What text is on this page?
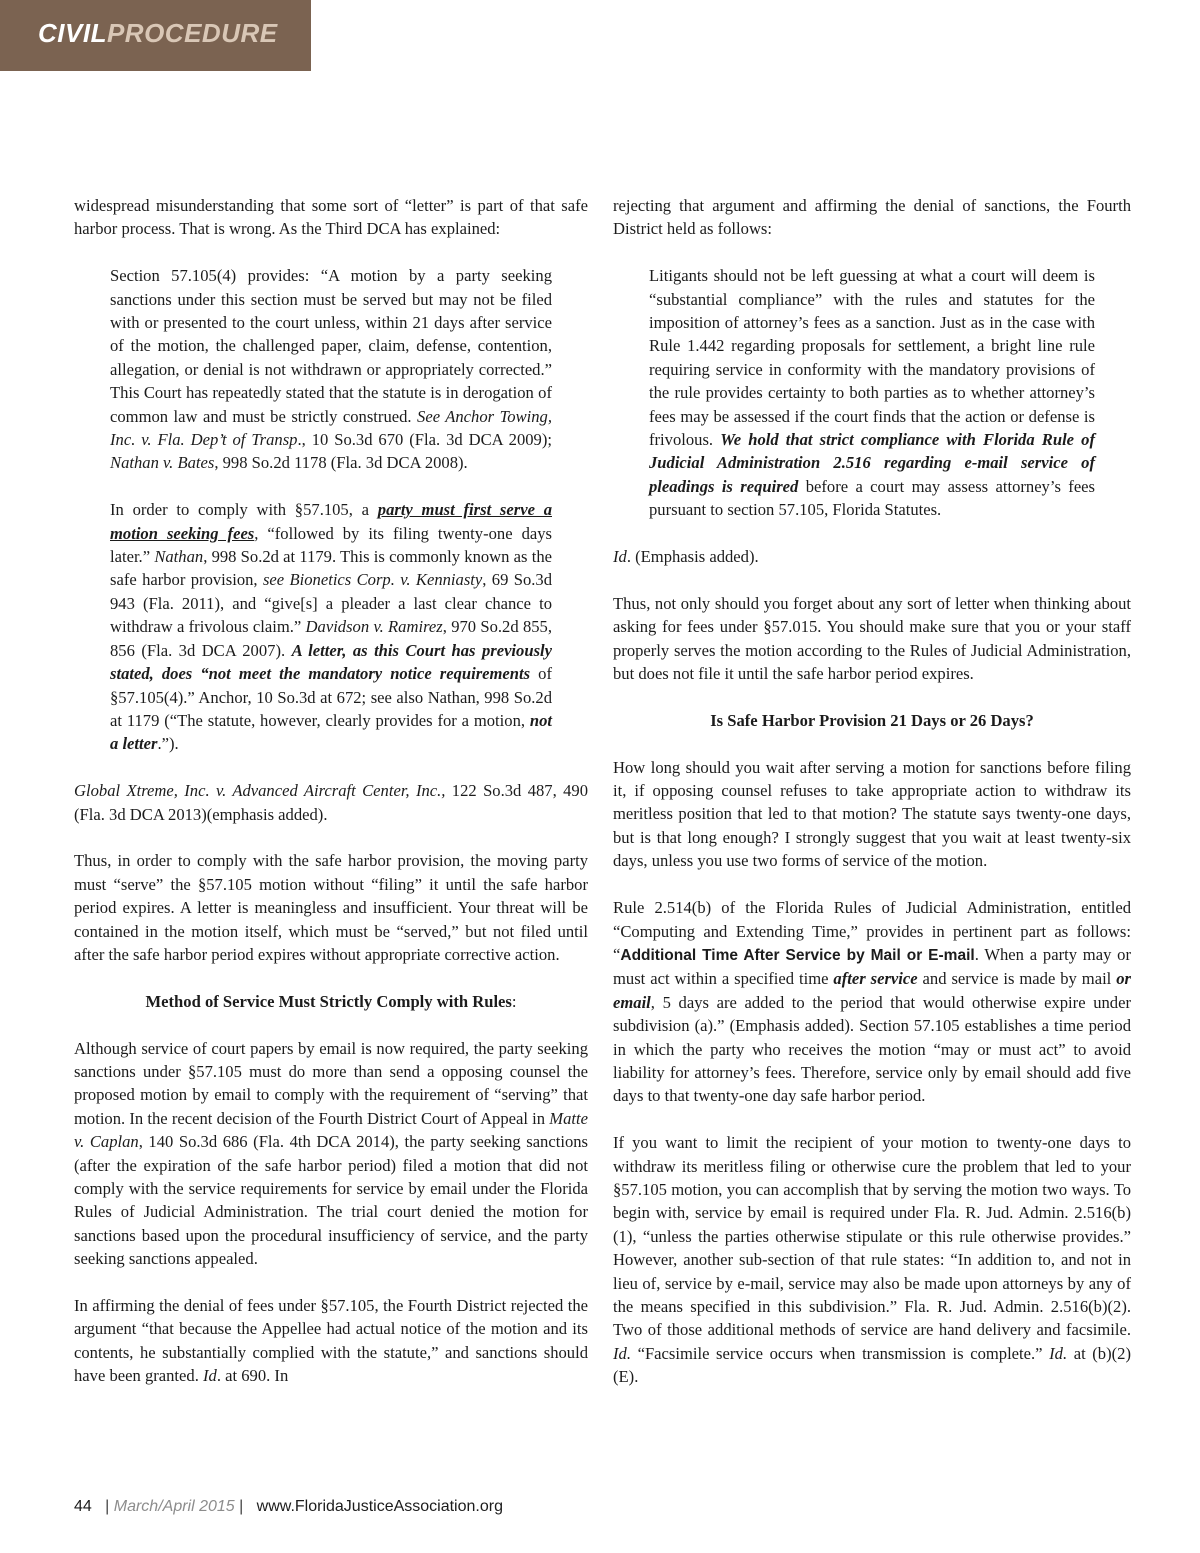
CIVILPROCEDURE

widespread misunderstanding that some sort of “letter” is part of that safe harbor process. That is wrong. As the Third DCA has explained:

Section 57.105(4) provides: “A motion by a party seeking sanctions under this section must be served but may not be filed with or presented to the court unless, within 21 days after service of the motion, the challenged paper, claim, defense, contention, allegation, or denial is not withdrawn or appropriately corrected.” This Court has repeatedly stated that the statute is in derogation of common law and must be strictly construed. See Anchor Towing, Inc. v. Fla. Dep’t of Transp., 10 So.3d 670 (Fla. 3d DCA 2009); Nathan v. Bates, 998 So.2d 1178 (Fla. 3d DCA 2008).

In order to comply with §57.105, a party must first serve a motion seeking fees, “followed by its filing twenty-one days later.” Nathan, 998 So.2d at 1179. This is commonly known as the safe harbor provision, see Bionetics Corp. v. Kenniasty, 69 So.3d 943 (Fla. 2011), and “give[s] a pleader a last clear chance to withdraw a frivolous claim.” Davidson v. Ramirez, 970 So.2d 855, 856 (Fla. 3d DCA 2007). A letter, as this Court has previously stated, does “not meet the mandatory notice requirements of §57.105(4).” Anchor, 10 So.3d at 672; see also Nathan, 998 So.2d at 1179 (“The statute, however, clearly provides for a motion, not a letter.”).

Global Xtreme, Inc. v. Advanced Aircraft Center, Inc., 122 So.3d 487, 490 (Fla. 3d DCA 2013)(emphasis added).

Thus, in order to comply with the safe harbor provision, the moving party must “serve” the §57.105 motion without “filing” it until the safe harbor period expires. A letter is meaningless and insufficient. Your threat will be contained in the motion itself, which must be “served,” but not filed until after the safe harbor period expires without appropriate corrective action.

Method of Service Must Strictly Comply with Rules:

Although service of court papers by email is now required, the party seeking sanctions under §57.105 must do more than send a opposing counsel the proposed motion by email to comply with the requirement of “serving” that motion. In the recent decision of the Fourth District Court of Appeal in Matte v. Caplan, 140 So.3d 686 (Fla. 4th DCA 2014), the party seeking sanctions (after the expiration of the safe harbor period) filed a motion that did not comply with the service requirements for service by email under the Florida Rules of Judicial Administration. The trial court denied the motion for sanctions based upon the procedural insufficiency of service, and the party seeking sanctions appealed.

In affirming the denial of fees under §57.105, the Fourth District rejected the argument “that because the Appellee had actual notice of the motion and its contents, he substantially complied with the statute,” and sanctions should have been granted. Id. at 690. In

rejecting that argument and affirming the denial of sanctions, the Fourth District held as follows:

Litigants should not be left guessing at what a court will deem is “substantial compliance” with the rules and statutes for the imposition of attorney’s fees as a sanction. Just as in the case with Rule 1.442 regarding proposals for settlement, a bright line rule requiring service in conformity with the mandatory provisions of the rule provides certainty to both parties as to whether attorney’s fees may be assessed if the court finds that the action or defense is frivolous. We hold that strict compliance with Florida Rule of Judicial Administration 2.516 regarding e-mail service of pleadings is required before a court may assess attorney’s fees pursuant to section 57.105, Florida Statutes.

Id. (Emphasis added).

Thus, not only should you forget about any sort of letter when thinking about asking for fees under §57.015. You should make sure that you or your staff properly serves the motion according to the Rules of Judicial Administration, but does not file it until the safe harbor period expires.

Is Safe Harbor Provision 21 Days or 26 Days?

How long should you wait after serving a motion for sanctions before filing it, if opposing counsel refuses to take appropriate action to withdraw its meritless position that led to that motion? The statute says twenty-one days, but is that long enough? I strongly suggest that you wait at least twenty-six days, unless you use two forms of service of the motion.

Rule 2.514(b) of the Florida Rules of Judicial Administration, entitled “Computing and Extending Time,” provides in pertinent part as follows: “Additional Time After Service by Mail or E-mail. When a party may or must act within a specified time after service and service is made by mail or email, 5 days are added to the period that would otherwise expire under subdivision (a).” (Emphasis added). Section 57.105 establishes a time period in which the party who receives the motion “may or must act” to avoid liability for attorney’s fees. Therefore, service only by email should add five days to that twenty-one day safe harbor period.

If you want to limit the recipient of your motion to twenty-one days to withdraw its meritless filing or otherwise cure the problem that led to your §57.105 motion, you can accomplish that by serving the motion two ways. To begin with, service by email is required under Fla. R. Jud. Admin. 2.516(b)(1), “unless the parties otherwise stipulate or this rule otherwise provides.” However, another sub-section of that rule states: “In addition to, and not in lieu of, service by e-mail, service may also be made upon attorneys by any of the means specified in this subdivision.” Fla. R. Jud. Admin. 2.516(b)(2). Two of those additional methods of service are hand delivery and facsimile. Id. “Facsimile service occurs when transmission is complete.” Id. at (b)(2)(E).

44 | March/April 2015 | www.FloridaJusticeAssociation.org
